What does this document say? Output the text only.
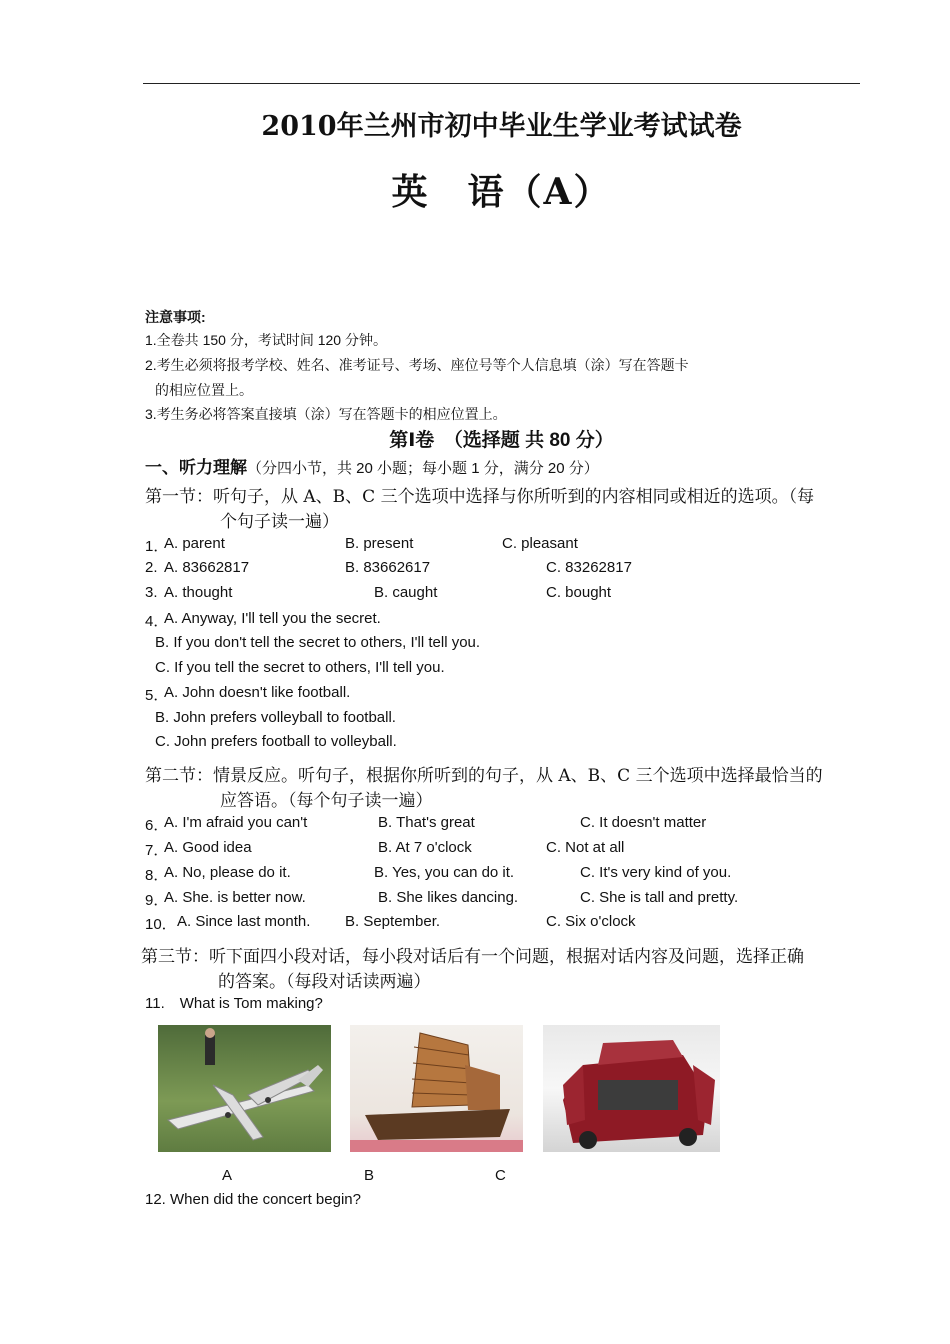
2010年兰州市初中毕业生学业考试试卷
英　语（A）
注意事项:
1.全卷共 150 分，考试时间 120 分钟。
2.考生必须将报考学校、姓名、准考证号、考场、座位号等个人信息填（涂）写在答题卡
的相应位置上。
3.考生务必将答案直接填（涂）写在答题卡的相应位置上。
第Ⅰ卷　（选择题 共 80 分）
一、听力理解（分四小节，共 20 小题；每小题 1 分，满分 20 分）
第一节：听句子，从 A、B、C 三个选项中选择与你所听到的内容相同或相近的选项。（每
个句子读一遍）
1．
A. parent	B. present	C. pleasant
2. A. 83662817	B. 83662617	C. 83262817
3. A. thought	B. caught	C. bought
4．
A. Anyway, I'll tell you the secret.
B. If you don't tell the secret to others, I'll tell you.
C. If you tell the secret to others, I'll tell you.
5．
A. John doesn't like football.
B. John prefers volleyball to football.
C. John prefers football to volleyball.
第二节：情景反应。听句子，根据你所听到的句子，从 A、B、C 三个选项中选择最恰当的
应答语。（每个句子读一遍）
6．
A. I'm afraid you can't	B. That's great	C. It doesn't matter
7．
A. Good idea	B. At 7 o'clock	C. Not at all
8．
A. No, please do it.	B. Yes, you can do it.	C. It's very kind of you.
9．
A. She. is better now.	B. She likes dancing.	C. She is tall and pretty.
10． A. Since last month. B. September.	C. Six o'clock
第三节：听下面四小段对话，每小段对话后有一个问题，根据对话内容及问题，选择正确
的答案。（每段对话读两遍）
11.　What is Tom making?
A	B	C
12. When did the concert begin?
